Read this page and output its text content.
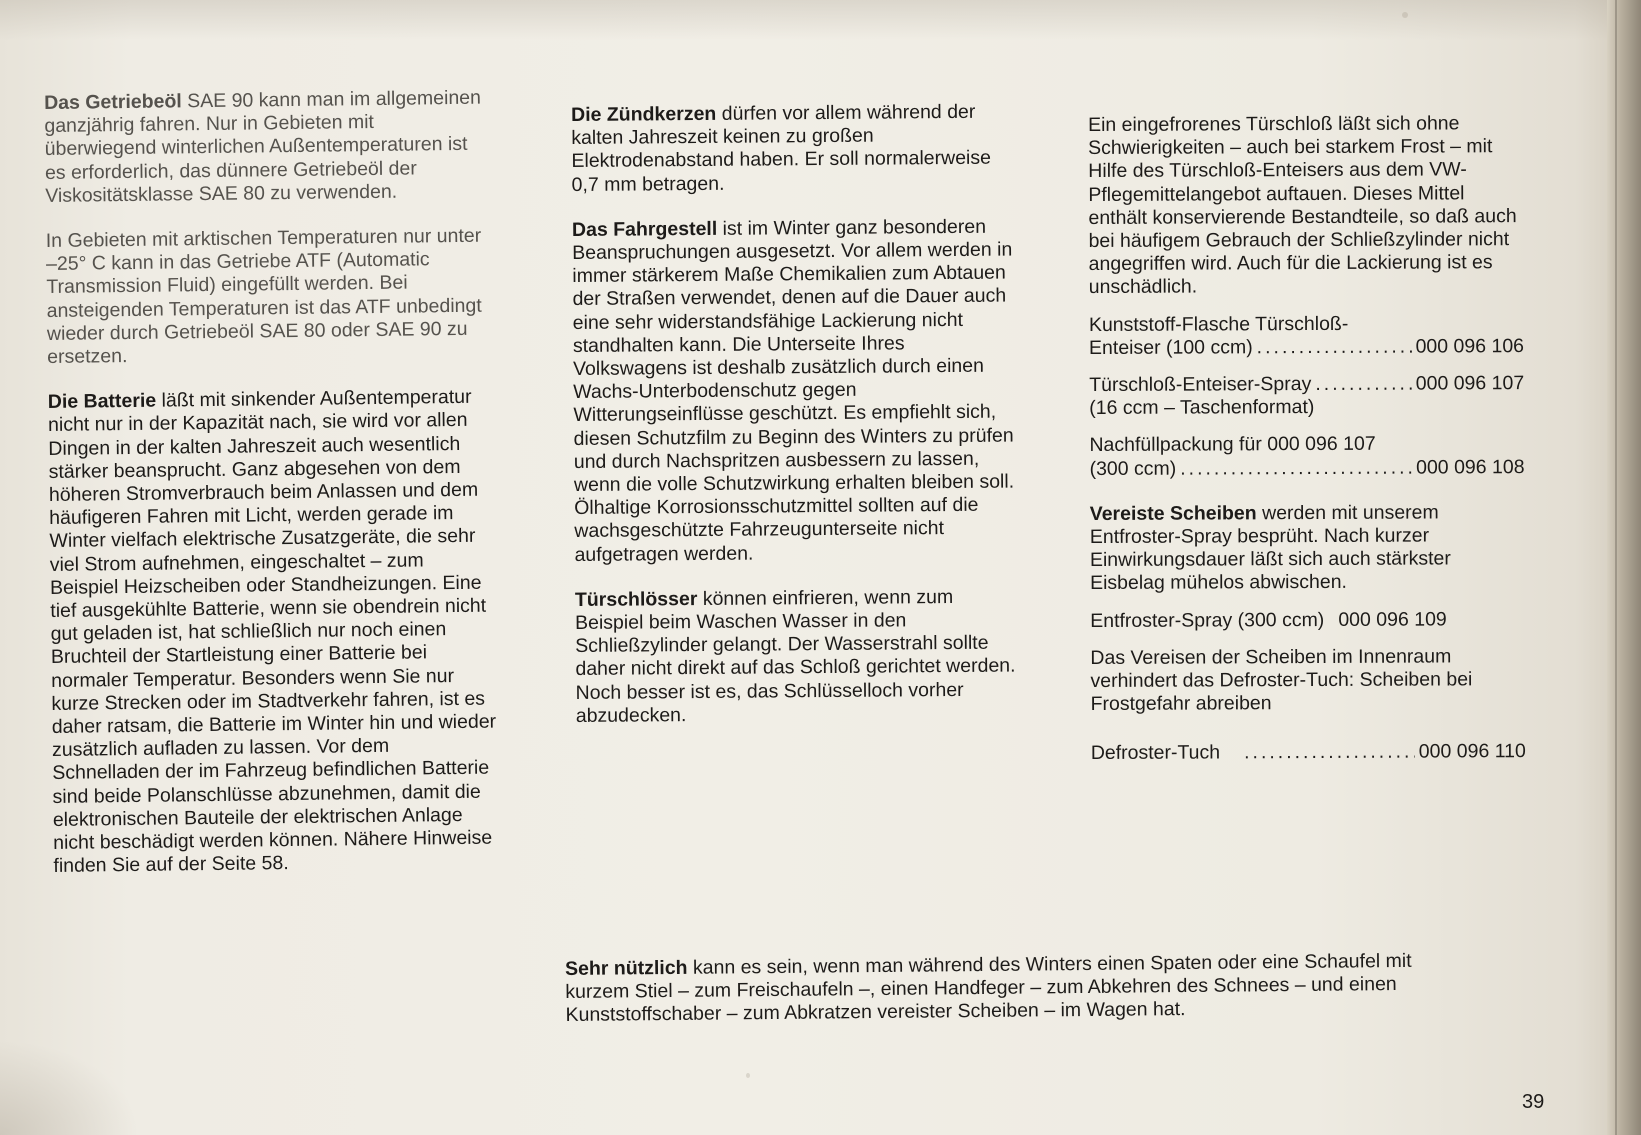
Das Getriebeöl SAE 90 kann man im allgemeinen ganzjährig fahren. Nur in Gebieten mit überwiegend winterlichen Außentemperaturen ist es erforderlich, das dünnere Getriebeöl der Viskositätsklasse SAE 80 zu verwenden.

In Gebieten mit arktischen Temperaturen nur unter –25° C kann in das Getriebe ATF (Automatic Transmission Fluid) eingefüllt werden. Bei ansteigenden Temperaturen ist das ATF unbedingt wieder durch Getriebeöl SAE 80 oder SAE 90 zu ersetzen.

Die Batterie läßt mit sinkender Außentemperatur nicht nur in der Kapazität nach, sie wird vor allen Dingen in der kalten Jahreszeit auch wesentlich stärker beansprucht. Ganz abgesehen von dem höheren Stromverbrauch beim Anlassen und dem häufigeren Fahren mit Licht, werden gerade im Winter vielfach elektrische Zusatzgeräte, die sehr viel Strom aufnehmen, eingeschaltet – zum Beispiel Heizscheiben oder Standheizungen. Eine tief ausgekühlte Batterie, wenn sie obendrein nicht gut geladen ist, hat schließlich nur noch einen Bruchteil der Startleistung einer Batterie bei normaler Temperatur. Besonders wenn Sie nur kurze Strecken oder im Stadtverkehr fahren, ist es daher ratsam, die Batterie im Winter hin und wieder zusätzlich aufladen zu lassen. Vor dem Schnelladen der im Fahrzeug befindlichen Batterie sind beide Polanschlüsse abzunehmen, damit die elektronischen Bauteile der elektrischen Anlage nicht beschädigt werden können. Nähere Hinweise finden Sie auf der Seite 58.

Die Zündkerzen dürfen vor allem während der kalten Jahreszeit keinen zu großen Elektrodenabstand haben. Er soll normalerweise 0,7 mm betragen.

Das Fahrgestell ist im Winter ganz besonderen Beanspruchungen ausgesetzt. Vor allem werden in immer stärkerem Maße Chemikalien zum Abtauen der Straßen verwendet, denen auf die Dauer auch eine sehr widerstandsfähige Lackierung nicht standhalten kann. Die Unterseite Ihres Volkswagens ist deshalb zusätzlich durch einen Wachs-Unterbodenschutz gegen Witterungseinflüsse geschützt. Es empfiehlt sich, diesen Schutzfilm zu Beginn des Winters zu prüfen und durch Nachspritzen ausbessern zu lassen, wenn die volle Schutzwirkung erhalten bleiben soll. Ölhaltige Korrosionsschutzmittel sollten auf die wachsgeschützte Fahrzeugunterseite nicht aufgetragen werden.

Türschlösser können einfrieren, wenn zum Beispiel beim Waschen Wasser in den Schließzylinder gelangt. Der Wasserstrahl sollte daher nicht direkt auf das Schloß gerichtet werden. Noch besser ist es, das Schlüsselloch vorher abzudecken.

Ein eingefrorenes Türschloß läßt sich ohne Schwierigkeiten – auch bei starkem Frost – mit Hilfe des Türschloß-Enteisers aus dem VW-Pflegemittelangebot auftauen. Dieses Mittel enthält konservierende Bestandteile, so daß auch bei häufigem Gebrauch der Schließzylinder nicht angegriffen wird. Auch für die Lackierung ist es unschädlich.

Kunststoff-Flasche Türschloß-
Enteiser (100 ccm) .....	000 096 106
Türschloß-Enteiser-Spray .....	000 096 107
(16 ccm – Taschenformat)
Nachfüllpackung für 000 096 107
(300 ccm) .....	000 096 108

Vereiste Scheiben werden mit unserem Entfroster-Spray besprüht. Nach kurzer Einwirkungsdauer läßt sich auch stärkster Eisbelag mühelos abwischen.

Entfroster-Spray (300 ccm) 000 096 109

Das Vereisen der Scheiben im Innenraum verhindert das Defroster-Tuch: Scheiben bei Frostgefahr abreiben

Defroster-Tuch .....	000 096 110

Sehr nützlich kann es sein, wenn man während des Winters einen Spaten oder eine Schaufel mit kurzem Stiel – zum Freischaufeln –, einen Handfeger – zum Abkehren des Schnees – und einen Kunststoffschaber – zum Abkratzen vereister Scheiben – im Wagen hat.

39
